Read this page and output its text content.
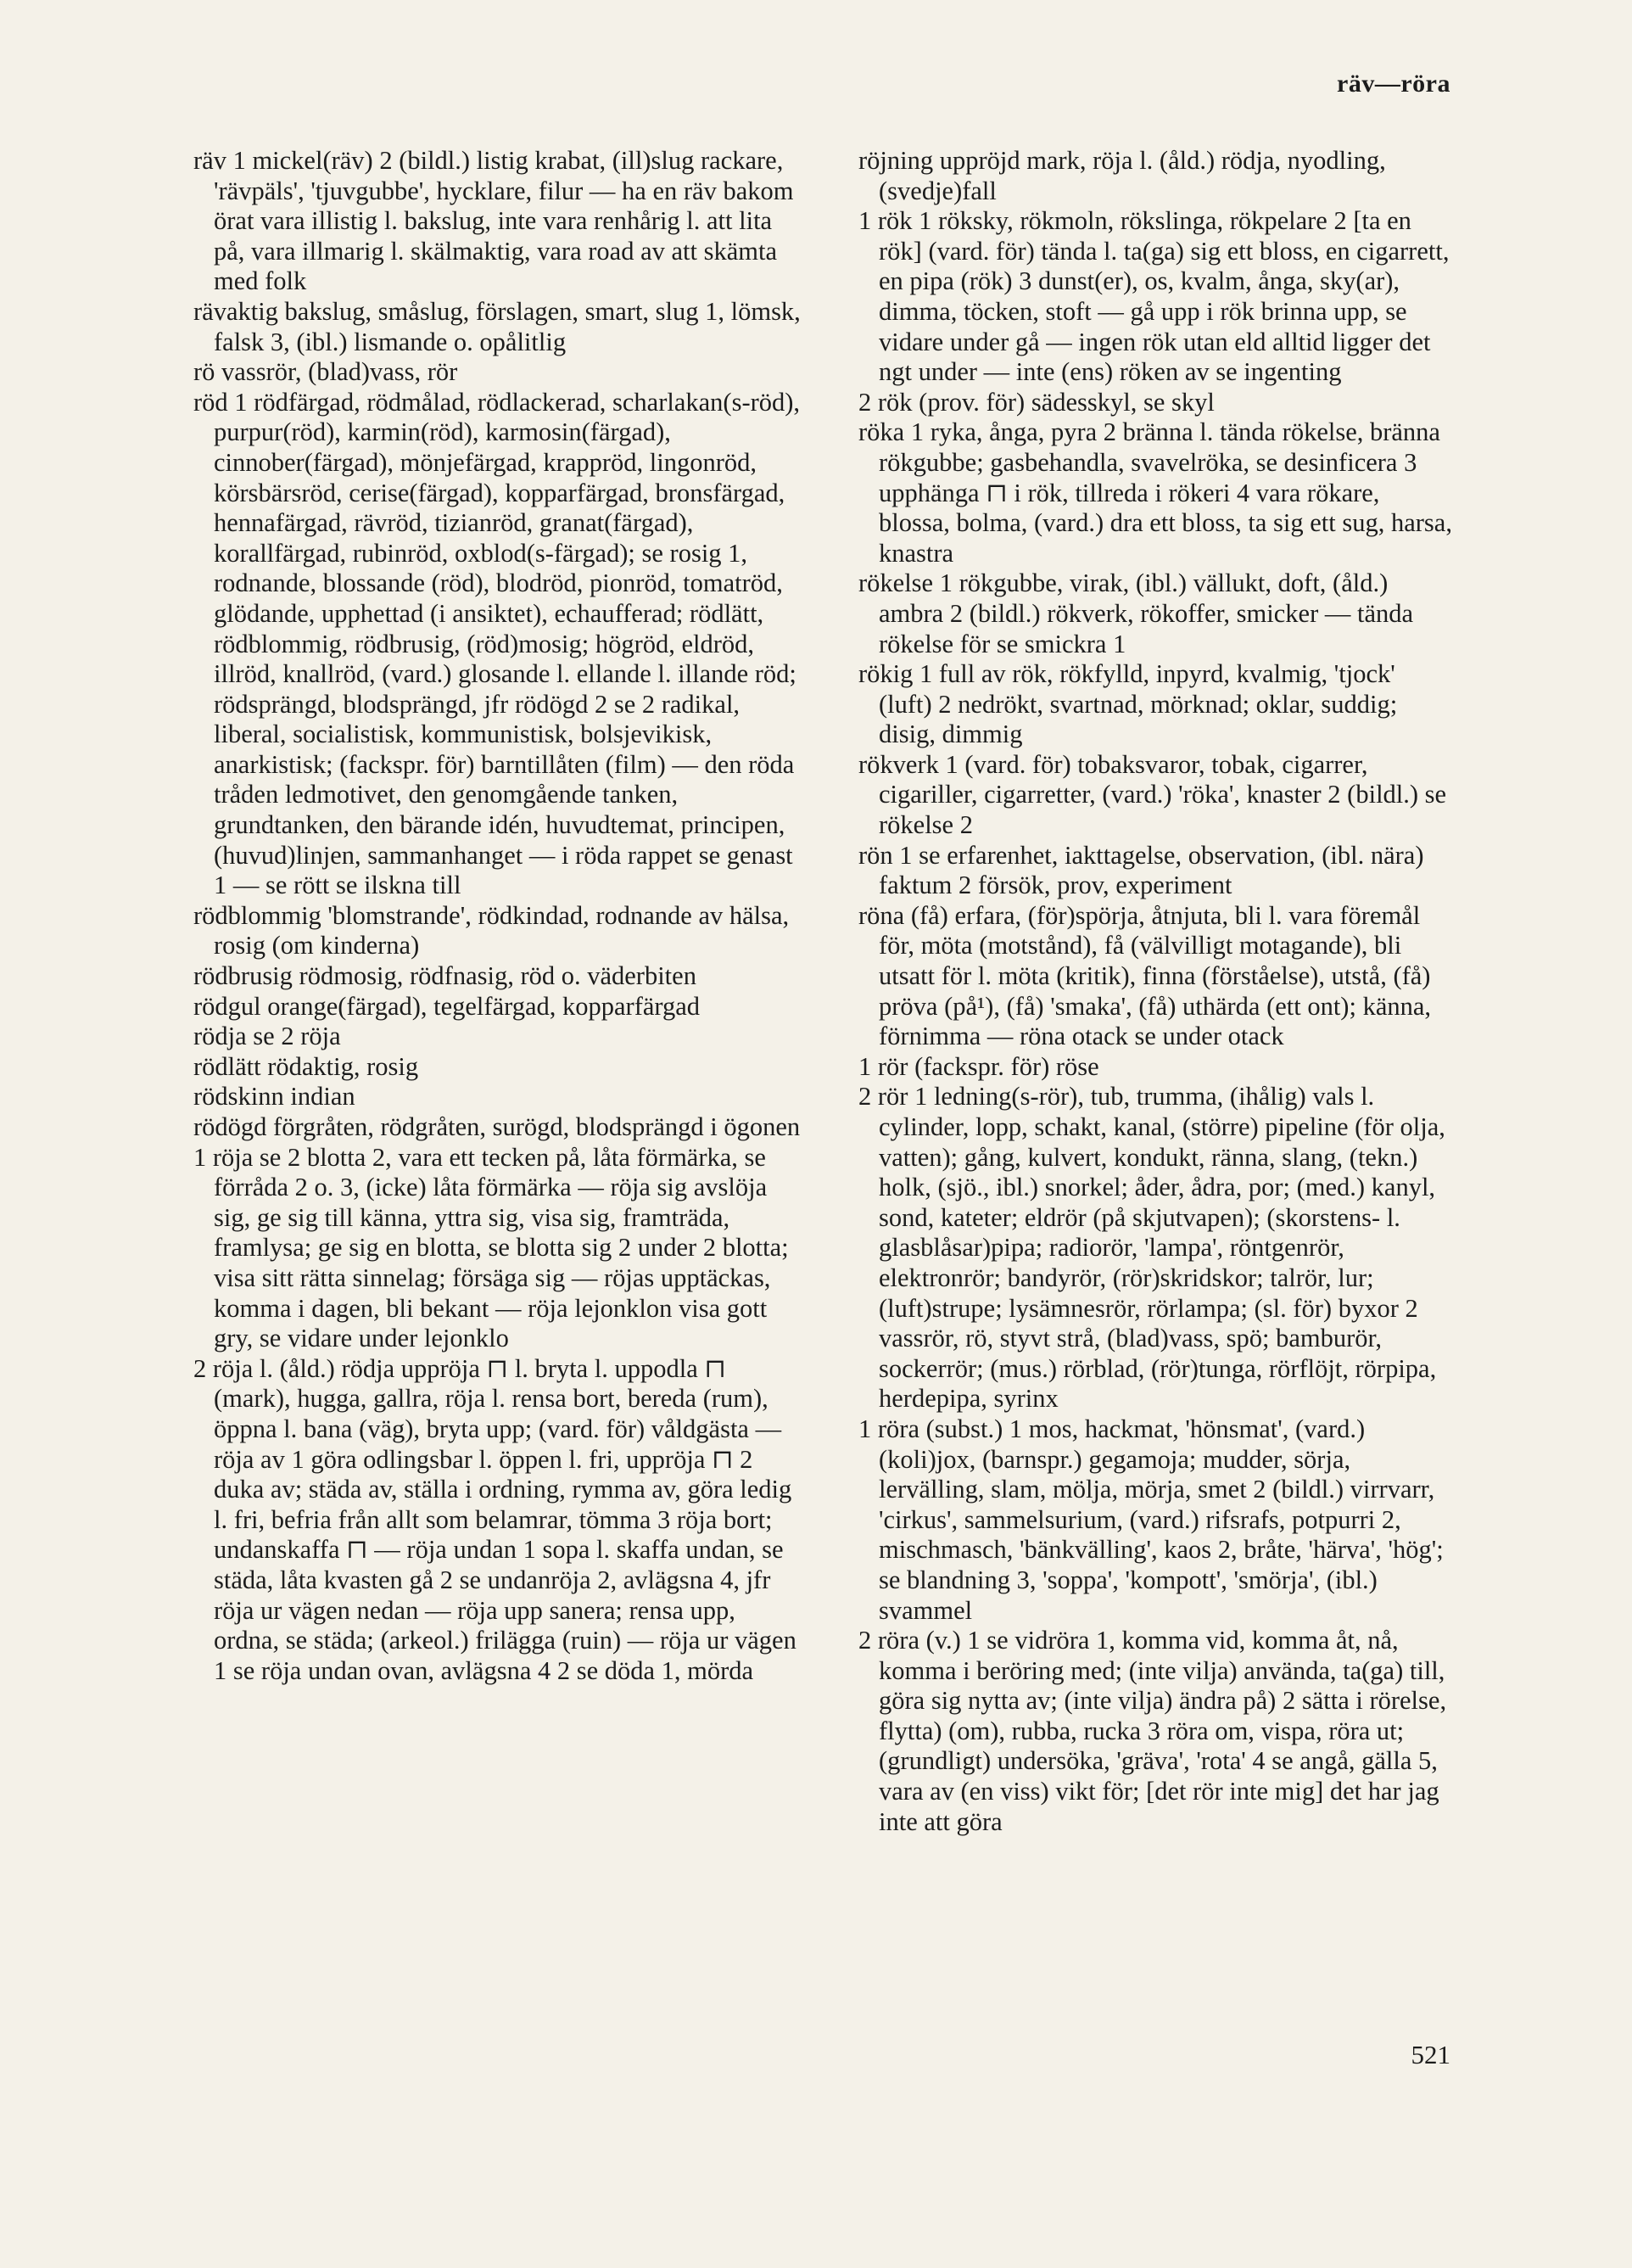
räv—röra

räv 1 mickel(räv) 2 (bildl.) listig krabat, (ill)slug rackare, 'rävpäls', 'tjuvgubbe', hycklare, filur — ha en räv bakom örat vara illistig l. bakslug, inte vara renhårig l. att lita på, vara illmarig l. skälmaktig, vara road av att skämta med folk

rävaktig bakslug, småslug, förslagen, smart, slug 1, lömsk, falsk 3, (ibl.) lismande o. opålitlig

rö vassrör, (blad)vass, rör

röd 1 rödfärgad, rödmålad, rödlackerad, scharlakan(s-röd), purpur(röd), karmin(röd), karmosin(färgad), cinnober(färgad), mönjefärgad, krappröd, lingonröd, körsbärsröd, cerise(färgad), kopparfärgad, bronsfärgad, hennafärgad, rävröd, tizianröd, granat(färgad), korallfärgad, rubinröd, oxblod(s-färgad); se rosig 1, rodnande, blossande (röd), blodröd, pionröd, tomatröd, glödande, upphettad (i ansiktet), echaufferad; rödlätt, rödblommig, rödbrusig, (röd)mosig; högröd, eldröd, illröd, knallröd, (vard.) glosande l. ellande l. illande röd; rödsprängd, blodsprängd, jfr rödögd 2 se 2 radikal, liberal, socialistisk, kommunistisk, bolsjevikisk, anarkistisk; (fackspr. för) barntillåten (film) — den röda tråden ledmotivet, den genomgående tanken, grundtanken, den bärande idén, huvudtemat, principen, (huvud)linjen, sammanhanget — i röda rappet se genast 1 — se rött se ilskna till

rödblommig 'blomstrande', rödkindad, rodnande av hälsa, rosig (om kinderna)

rödbrusig rödmosig, rödfnasig, röd o. väderbiten

rödgul orange(färgad), tegelfärgad, kopparfärgad

rödja se 2 röja

rödlätt rödaktig, rosig

rödskinn indian

rödögd förgråten, rödgråten, surögd, blodsprängd i ögonen

1 röja se 2 blotta 2, vara ett tecken på, låta förmärka, se förråda 2 o. 3, (icke) låta förmärka — röja sig avslöja sig, ge sig till känna, yttra sig, visa sig, framträda, framlysa; ge sig en blotta, se blotta sig 2 under 2 blotta; visa sitt rätta sinnelag; försäga sig — röjas upptäckas, komma i dagen, bli bekant — röja lejonklon visa gott gry, se vidare under lejonklo

2 röja l. (åld.) rödja uppröja ⊓ l. bryta l. uppodla ⊓ (mark), hugga, gallra, röja l. rensa bort, bereda (rum), öppna l. bana (väg), bryta upp; (vard. för) våldgästa — röja av 1 göra odlingsbar l. öppen l. fri, uppröja ⊓ 2 duka av; städa av, ställa i ordning, rymma av, göra ledig l. fri, befria från allt som belamrar, tömma 3 röja bort; undanskaffa ⊓ — röja undan 1 sopa l. skaffa undan, se städa, låta kvasten gå 2 se undanröja 2, avlägsna 4, jfr röja ur vägen nedan — röja upp sanera; rensa upp, ordna, se städa; (arkeol.) frilägga (ruin) — röja ur vägen 1 se röja undan ovan, avlägsna 4 2 se döda 1, mörda

röjning uppröjd mark, röja l. (åld.) rödja, nyodling, (svedje)fall

1 rök 1 röksky, rökmoln, rökslinga, rökpelare 2 [ta en rök] (vard. för) tända l. ta(ga) sig ett bloss, en cigarrett, en pipa (rök) 3 dunst(er), os, kvalm, ånga, sky(ar), dimma, töcken, stoft — gå upp i rök brinna upp, se vidare under gå — ingen rök utan eld alltid ligger det ngt under — inte (ens) röken av se ingenting

2 rök (prov. för) sädesskyl, se skyl

röka 1 ryka, ånga, pyra 2 bränna l. tända rökelse, bränna rökgubbe; gasbehandla, svavelröka, se desinficera 3 upphänga ⊓ i rök, tillreda i rökeri 4 vara rökare, blossa, bolma, (vard.) dra ett bloss, ta sig ett sug, harsa, knastra

rökelse 1 rökgubbe, virak, (ibl.) vällukt, doft, (åld.) ambra 2 (bildl.) rökverk, rökoffer, smicker — tända rökelse för se smickra 1

rökig 1 full av rök, rökfylld, inpyrd, kvalmig, 'tjock' (luft) 2 nedrökt, svartnad, mörknad; oklar, suddig; disig, dimmig

rökverk 1 (vard. för) tobaksvaror, tobak, cigarrer, cigariller, cigarretter, (vard.) 'röka', knaster 2 (bildl.) se rökelse 2

rön 1 se erfarenhet, iakttagelse, observation, (ibl. nära) faktum 2 försök, prov, experiment

röna (få) erfara, (för)spörja, åtnjuta, bli l. vara föremål för, möta (motstånd), få (välvilligt motagande), bli utsatt för l. möta (kritik), finna (förståelse), utstå, (få) pröva (på¹), (få) 'smaka', (få) uthärda (ett ont); känna, förnimma — röna otack se under otack

1 rör (fackspr. för) röse

2 rör 1 ledning(s-rör), tub, trumma, (ihålig) vals l. cylinder, lopp, schakt, kanal, (större) pipeline (för olja, vatten); gång, kulvert, kondukt, ränna, slang, (tekn.) holk, (sjö., ibl.) snorkel; åder, ådra, por; (med.) kanyl, sond, kateter; eldrör (på skjutvapen); (skorstens- l. glasblåsar)pipa; radiorör, 'lampa', röntgenrör, elektronrör; bandyrör, (rör)skridskor; talrör, lur; (luft)strupe; lysämnesrör, rörlampa; (sl. för) byxor 2 vassrör, rö, styvt strå, (blad)vass, spö; bamburör, sockerrör; (mus.) rörblad, (rör)tunga, rörflöjt, rörpipa, herdepipa, syrinx

1 röra (subst.) 1 mos, hackmat, 'hönsmat', (vard.) (koli)jox, (barnspr.) gegamoja; mudder, sörja, lervälling, slam, mölja, mörja, smet 2 (bildl.) virrvarr, 'cirkus', sammelsurium, (vard.) rifsrafs, potpurri 2, mischmasch, 'bänkvälling', kaos 2, bråte, 'härva', 'hög'; se blandning 3, 'soppa', 'kompott', 'smörja', (ibl.) svammel

2 röra (v.) 1 se vidröra 1, komma vid, komma åt, nå, komma i beröring med; (inte vilja) använda, ta(ga) till, göra sig nytta av; (inte vilja) ändra på) 2 sätta i rörelse, flytta) (om), rubba, rucka 3 röra om, vispa, röra ut; (grundligt) undersöka, 'gräva', 'rota' 4 se angå, gälla 5, vara av (en viss) vikt för; [det rör inte mig] det har jag inte att göra

521
